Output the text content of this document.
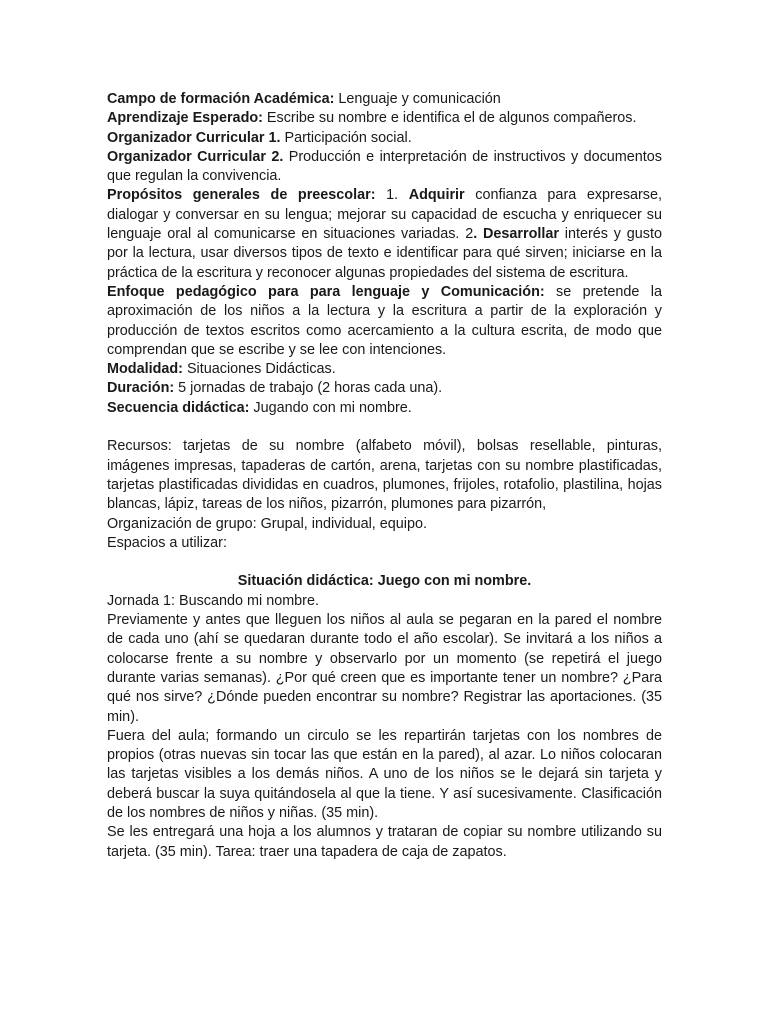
Campo de formación Académica: Lenguaje y comunicación

Aprendizaje Esperado: Escribe su nombre e identifica el de algunos compañeros.

Organizador Curricular 1. Participación social.

Organizador Curricular 2. Producción e interpretación de instructivos y documentos que regulan la convivencia.

Propósitos generales de preescolar: 1. Adquirir confianza para expresarse, dialogar y conversar en su lengua; mejorar su capacidad de escucha y enriquecer su lenguaje oral al comunicarse en situaciones variadas. 2. Desarrollar interés y gusto por la lectura, usar diversos tipos de texto e identificar para qué sirven; iniciarse en la práctica de la escritura y reconocer algunas propiedades del sistema de escritura.

Enfoque pedagógico para para lenguaje y Comunicación: se pretende la aproximación de los niños a la lectura y la escritura a partir de la exploración y producción de textos escritos como acercamiento a la cultura escrita, de modo que comprendan que se escribe y se lee con intenciones.

Modalidad: Situaciones Didácticas.

Duración: 5 jornadas de trabajo (2 horas cada una).

Secuencia didáctica: Jugando con mi nombre.

Recursos: tarjetas de su nombre (alfabeto móvil), bolsas resellable, pinturas, imágenes impresas, tapaderas de cartón, arena, tarjetas con su nombre plastificadas, tarjetas plastificadas divididas en cuadros, plumones, frijoles, rotafolio, plastilina, hojas blancas, lápiz, tareas de los niños, pizarrón, plumones para pizarrón,

Organización de grupo: Grupal, individual, equipo.

Espacios a utilizar:

Situación didáctica: Juego con mi nombre.

Jornada 1: Buscando mi nombre.

Previamente y antes que lleguen los niños al aula se pegaran en la pared el nombre de cada uno (ahí se quedaran durante todo el año escolar). Se invitará a los niños a colocarse frente a su nombre y observarlo por un momento (se repetirá el juego durante varias semanas). ¿Por qué creen que es importante tener un nombre? ¿Para qué nos sirve? ¿Dónde pueden encontrar su nombre? Registrar las aportaciones. (35 min).

Fuera del aula; formando un circulo se les repartirán tarjetas con los nombres de propios (otras nuevas sin tocar las que están en la pared), al azar. Lo niños colocaran las tarjetas visibles a los demás niños. A uno de los niños se le dejará sin tarjeta y deberá buscar la suya quitándosela al que la tiene. Y así sucesivamente. Clasificación de los nombres de niños y niñas. (35 min).

Se les entregará una hoja a los alumnos y trataran de copiar su nombre utilizando su tarjeta. (35 min). Tarea: traer una tapadera de caja de zapatos.
